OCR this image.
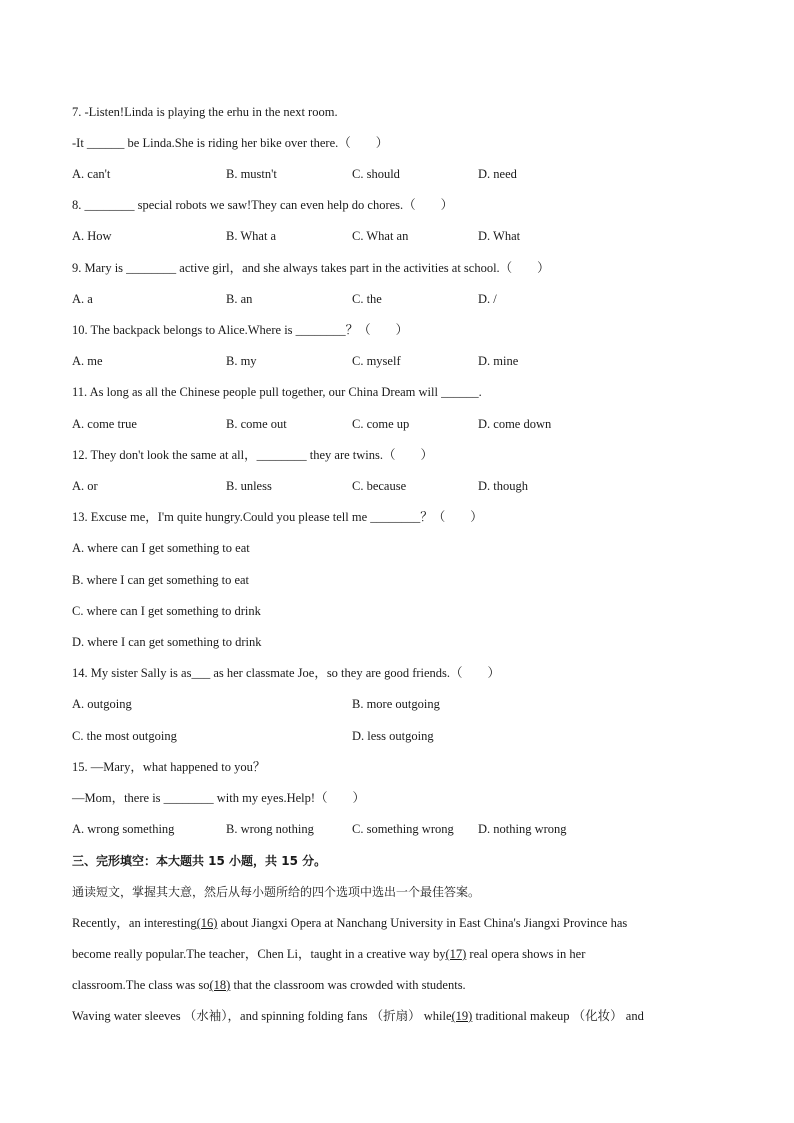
7. -Listen!Linda is playing the erhu in the next room.
-It ______ be Linda.She is riding her bike over there.（　　）
A. can't	B. mustn't	C. should	D. need
8. ________ special robots we saw!They can even help do chores.（　　）
A. How	B. What a	C. What an	D. What
9. Mary is ________ active girl，and she always takes part in the activities at school.（　　）
A. a	B. an	C. the	D. /
10. The backpack belongs to Alice.Where is ________？（　　）
A. me	B. my	C. myself	D. mine
11. As long as all the Chinese people pull together, our China Dream will ______.
A. come true	B. come out	C. come up	D. come down
12. They don't look the same at all，________ they are twins.（　　）
A. or	B. unless	C. because	D. though
13. Excuse me，I'm quite hungry.Could you please tell me ________？（　　）
A. where can I get something to eat
B. where I can get something to eat
C. where can I get something to drink
D. where I can get something to drink
14. My sister Sally is as___ as her classmate Joe，so they are good friends.（　　）
A. outgoing	B. more outgoing
C. the most outgoing	D. less outgoing
15. —Mary，what happened to you？
—Mom，there is ________ with my eyes.Help!（　　）
A. wrong something	B. wrong nothing	C. something wrong D. nothing wrong
三、完形填空：本大题共 15 小题，共 15 分。
通读短文，掌握其大意，然后从每小题所给的四个选项中选出一个最佳答案。
Recently，an interesting(16) about Jiangxi Opera at Nanchang University in East China's Jiangxi Province has
become really popular.The teacher，Chen Li，taught in a creative way by(17) real opera shows in her
classroom.The class was so(18) that the classroom was crowded with students.
Waving water sleeves （水袖），and spinning folding fans （折扇） while(19) traditional makeup （化妆） and
